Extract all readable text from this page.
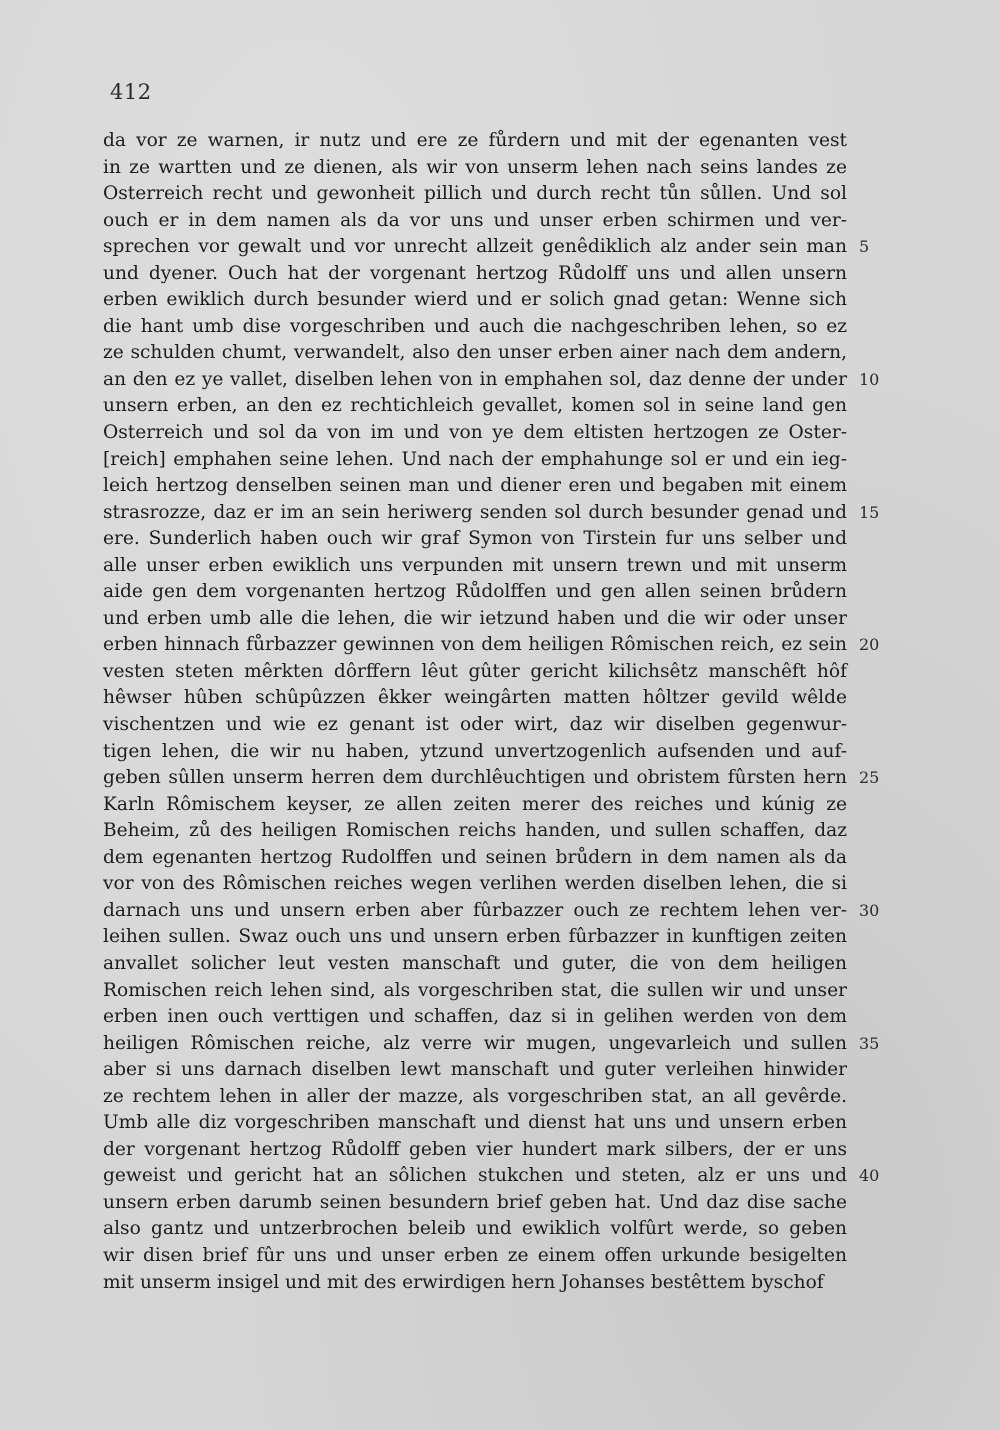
412
da vor ze warnen, ir nutz und ere ze fůrdern und mit der egenanten vest
in ze wartten und ze dienen, als wir von unserm lehen nach seins landes ze
Osterreich recht und gewonheit pillich und durch recht tůn sůllen. Und sol
ouch er in dem namen als da vor uns und unser erben schirmen und ver-
sprechen vor gewalt und vor unrecht allzeit genêdiklich alz ander sein man 5
und dyener. Ouch hat der vorgenant hertzog Růdolff uns und allen unsern
erben ewiklich durch besunder wierd und er solich gnad getan: Wenne sich
die hant umb dise vorgeschriben und auch die nachgeschriben lehen, so ez
ze schulden chumt, verwandelt, also den unser erben ainer nach dem andern,
an den ez ye vallet, diselben lehen von in emphahen sol, daz denne der under 10
unsern erben, an den ez rechtichleich gevallet, komen sol in seine land gen
Osterreich und sol da von im und von ye dem eltisten hertzogen ze Oster-
[reich] emphahen seine lehen. Und nach der emphahunge sol er und ein ieg-
leich hertzog denselben seinen man und diener eren und begaben mit einem
strasrozze, daz er im an sein heriwerg senden sol durch besunder genad und 15
ere. Sunderlich haben ouch wir graf Symon von Tirstein fur uns selber und
alle unser erben ewiklich uns verpunden mit unsern trewn und mit unserm
aide gen dem vorgenanten hertzog Růdolffen und gen allen seinen brůdern
und erben umb alle die lehen, die wir ietzund haben und die wir oder unser
erben hinnach fůrbazzer gewinnen von dem heiligen Rômischen reich, ez sein 20
vesten steten mêrkten dôrffern lêut gûter gericht kilichsêtz manschêft hôf
hêwser hûben schûpûzzen êkker weingârten matten hôltzer gevild wêlde
vischentzen und wie ez genant ist oder wirt, daz wir diselben gegenwur-
tigen lehen, die wir nu haben, ytzund unvertzogenlich aufsenden und auf-
geben sûllen unserm herren dem durchlêuchtigen und obristem fûrsten hern 25
Karln Rômischem keyser, ze allen zeiten merer des reiches und kúnig ze
Beheim, zů des heiligen Romischen reichs handen, und sullen schaffen, daz
dem egenanten hertzog Rudolffen und seinen brůdern in dem namen als da
vor von des Rômischen reiches wegen verlihen werden diselben lehen, die si
darnach uns und unsern erben aber fûrbazzer ouch ze rechtem lehen ver- 30
leihen sullen. Swaz ouch uns und unsern erben fûrbazzer in kunftigen zeiten
anvallet solicher leut vesten manschaft und guter, die von dem heiligen
Romischen reich lehen sind, als vorgeschriben stat, die sullen wir und unser
erben inen ouch verttigen und schaffen, daz si in gelihen werden von dem
heiligen Rômischen reiche, alz verre wir mugen, ungevarleich und sullen 35
aber si uns darnach diselben lewt manschaft und guter verleihen hinwider
ze rechtem lehen in aller der mazze, als vorgeschriben stat, an all gevêrde.
Umb alle diz vorgeschriben manschaft und dienst hat uns und unsern erben
der vorgenant hertzog Růdolff geben vier hundert mark silbers, der er uns
geweist und gericht hat an sôlichen stukchen und steten, alz er uns und 40
unsern erben darumb seinen besundern brief geben hat. Und daz dise sache
also gantz und untzerbrochen beleib und ewiklich volfûrt werde, so geben
wir disen brief fûr uns und unser erben ze einem offen urkunde besigelten
mit unserm insigel und mit des erwirdigen hern Johanses bestêttem byschof
